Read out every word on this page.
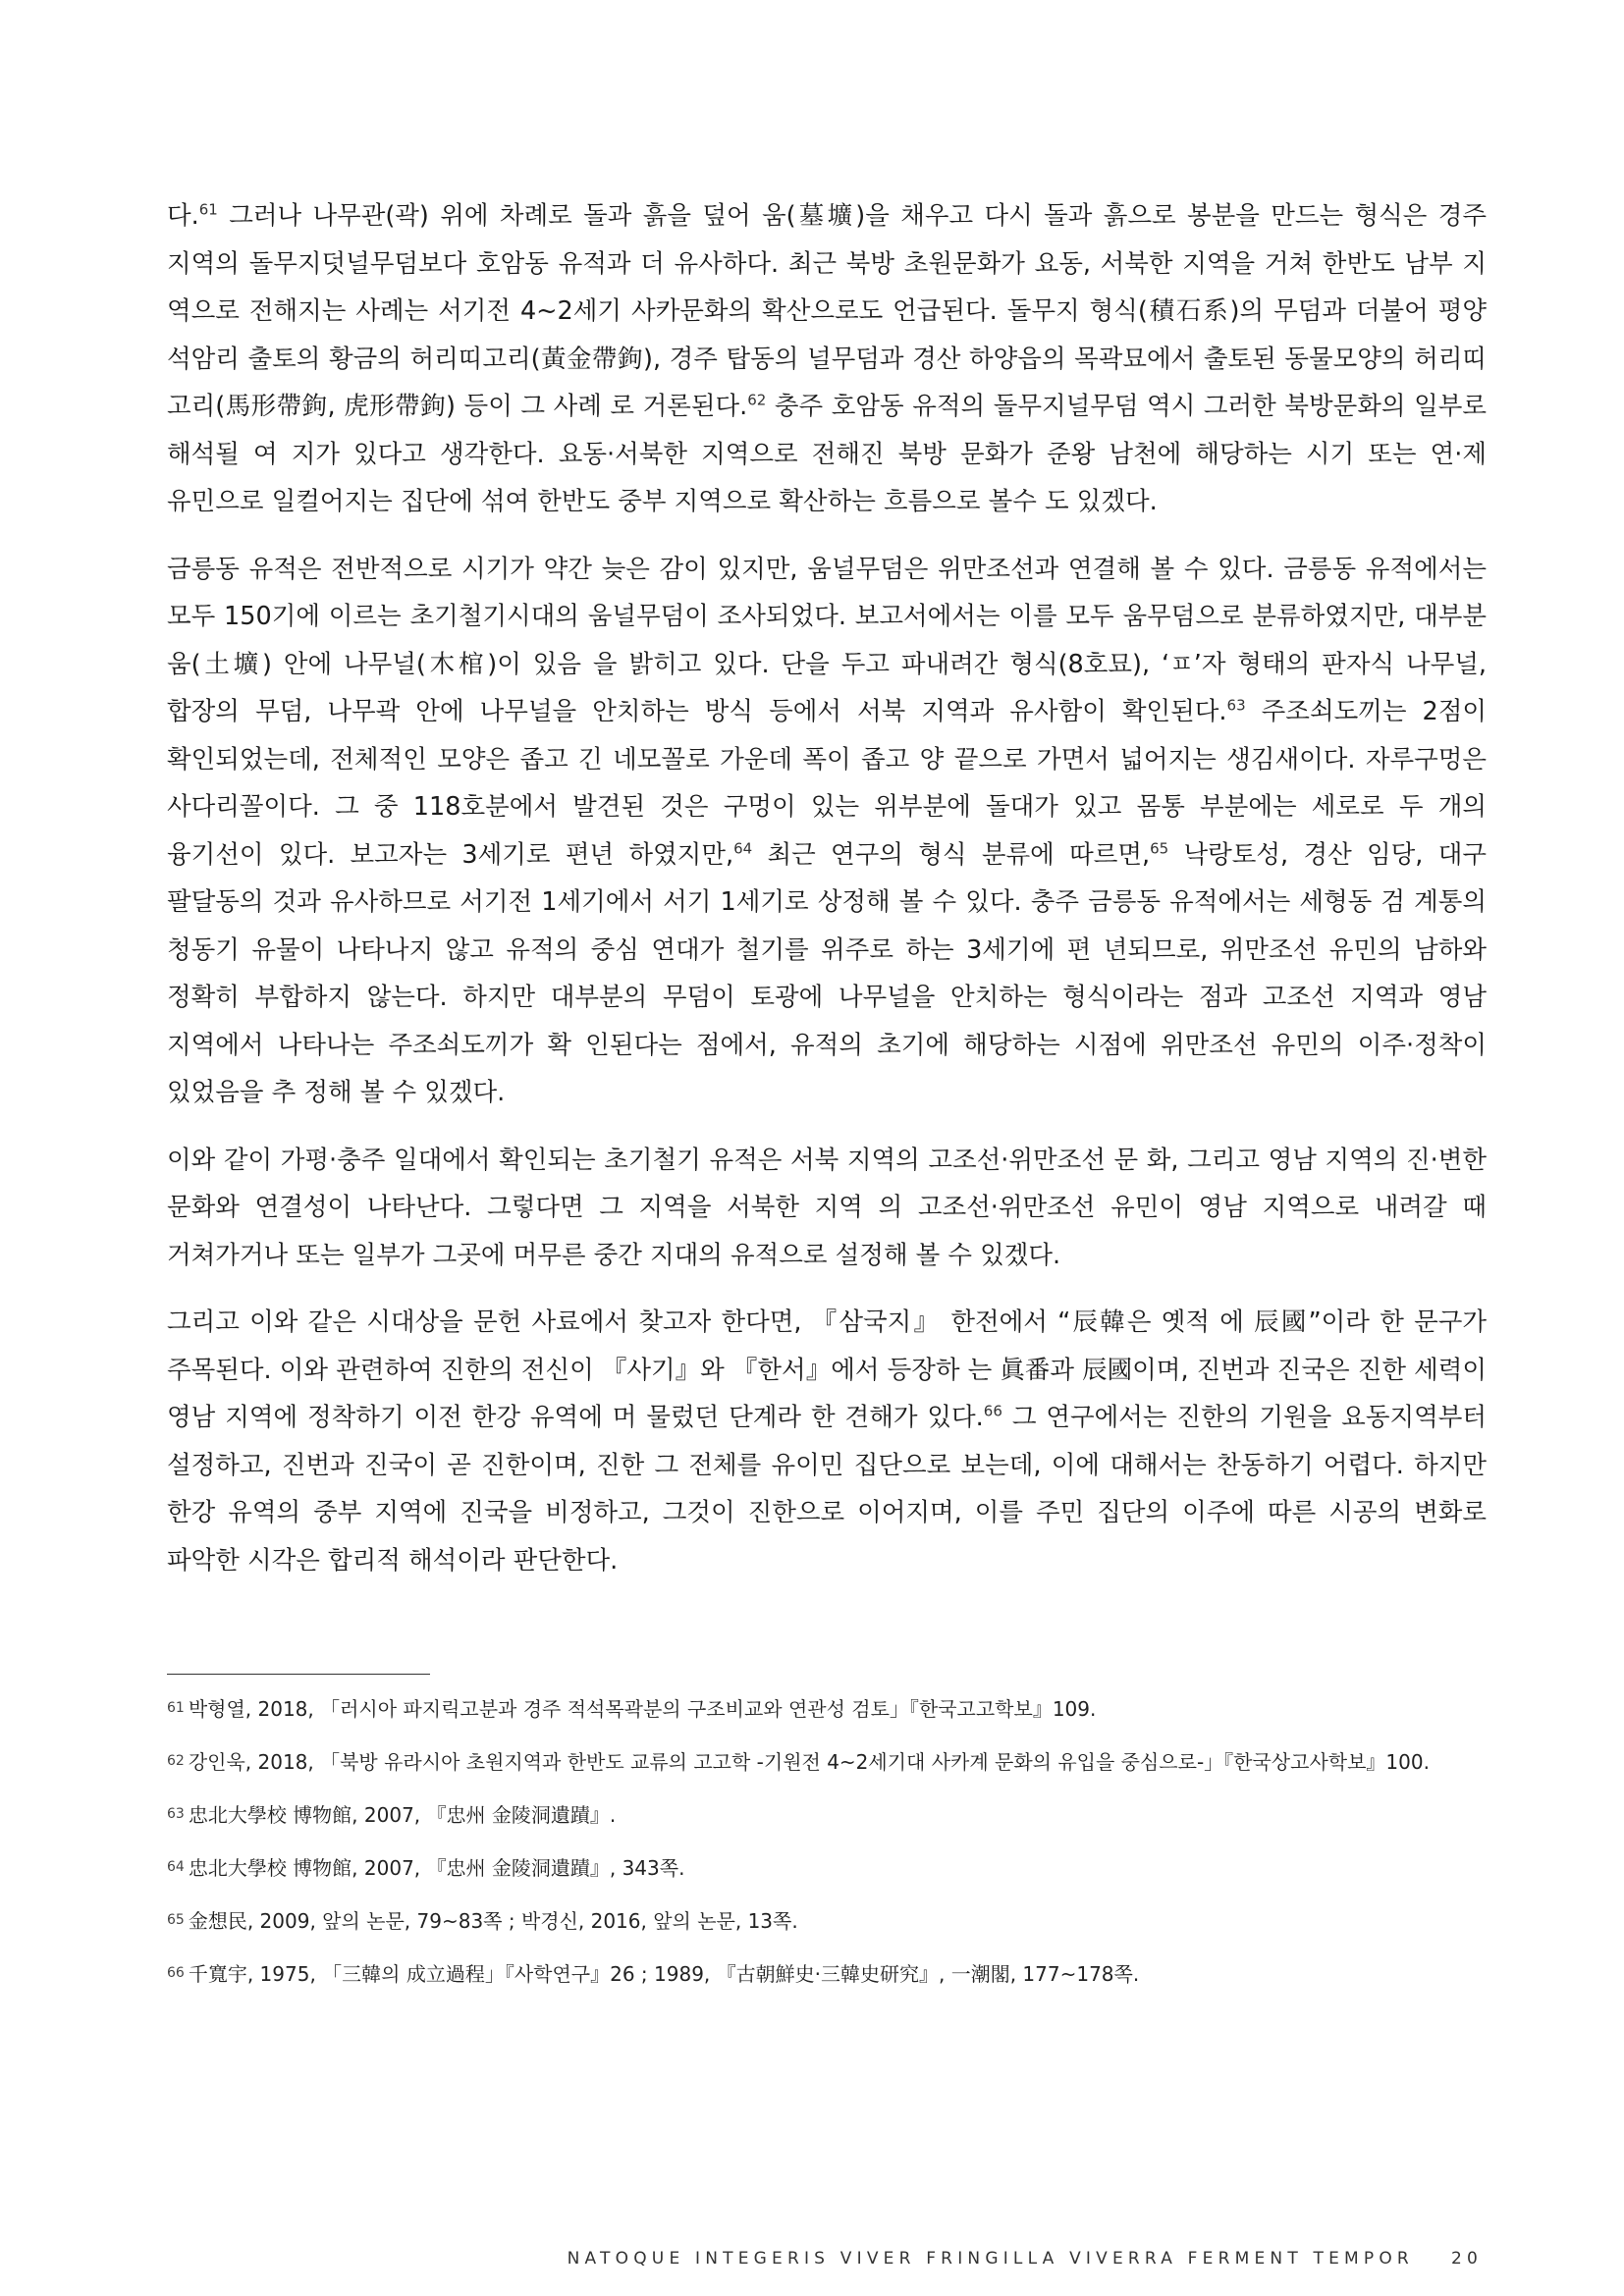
다.$^{61}$ 그러나 나무관(곽) 위에 차례로 돌과 흙을 덮어 움(墓壙)을 채우고 다시 돌과 흙으로 봉분을 만드는 형식은 경주 지역의 돌무지덧널무덤보다 호암동 유적과 더 유사하다. 최근 북방 초원문화가 요동, 서북한 지역을 거쳐 한반도 남부 지 역으로 전해지는 사례는 서기전 4~2세기 사카문화의 확산으로도 언급된다. 돌무지 형식(積石系)의 무덤과 더불어 평양 석암리 출토의 황금의 허리띠고리(黃金帶鉤), 경주 탑동의 널무덤과 경산 하양읍의 목곽묘에서 출토된 동물모양의 허리띠 고리(馬形帶鉤, 虎形帶鉤) 등이 그 사례 로 거론된다.$^{62}$ 충주 호암동 유적의 돌무지널무덤 역시 그러한 북방문화의 일부로 해석될 여 지가 있다고 생각한다. 요동·서북한 지역으로 전해진 북방 문화가 준왕 남천에 해당하는 시기 또는 연·제 유민으로 일컬어지는 집단에 섞여 한반도 중부 지역으로 확산하는 흐름으로 볼수 도 있겠다.

금릉동 유적은 전반적으로 시기가 약간 늦은 감이 있지만, 움널무덤은 위만조선과 연결해 볼 수 있다. 금릉동 유적에서는 모두 150기에 이르는 초기철기시대의 움널무덤이 조사되었다. 보고서에서는 이를 모두 움무덤으로 분류하였지만, 대부분 움(土壙) 안에 나무널(木棺)이 있음 을 밝히고 있다. 단을 두고 파내려간 형식(8호묘), ‘ㅍ’자 형태의 판자식 나무널, 합장의 무덤, 나무곽 안에 나무널을 안치하는 방식 등에서 서북 지역과 유사함이 확인된다.$^{63}$ 주조쇠도끼는 2점이 확인되었는데, 전체적인 모양은 좁고 긴 네모꼴로 가운데 폭이 좁고 양 끝으로 가면서 넓어지는 생김새이다. 자루구멍은 사다리꼴이다. 그 중 118호분에서 발견된 것은 구멍이 있는 위부분에 돌대가 있고 몸통 부분에는 세로로 두 개의 융기선이 있다. 보고자는 3세기로 편년 하였지만,$^{64}$ 최근 연구의 형식 분류에 따르면,$^{65}$ 낙랑토성, 경산 임당, 대구 팔달동의 것과 유사하므로 서기전 1세기에서 서기 1세기로 상정해 볼 수 있다. 충주 금릉동 유적에서는 세형동 검 계통의 청동기 유물이 나타나지 않고 유적의 중심 연대가 철기를 위주로 하는 3세기에 편 년되므로, 위만조선 유민의 남하와 정확히 부합하지 않는다. 하지만 대부분의 무덤이 토광에 나무널을 안치하는 형식이라는 점과 고조선 지역과 영남 지역에서 나타나는 주조쇠도끼가 확 인된다는 점에서, 유적의 초기에 해당하는 시점에 위만조선 유민의 이주·정착이 있었음을 추 정해 볼 수 있겠다.

이와 같이 가평·충주 일대에서 확인되는 초기철기 유적은 서북 지역의 고조선·위만조선 문 화, 그리고 영남 지역의 진·변한 문화와 연결성이 나타난다. 그렇다면 그 지역을 서북한 지역 의 고조선·위만조선 유민이 영남 지역으로 내려갈 때 거쳐가거나 또는 일부가 그곳에 머무른 중간 지대의 유적으로 설정해 볼 수 있겠다.

그리고 이와 같은 시대상을 문헌 사료에서 찾고자 한다면, 『삼국지』 한전에서 “辰韓은 옛적 에 辰國”이라 한 문구가 주목된다. 이와 관련하여 진한의 전신이 『사기』와 『한서』에서 등장하 는 眞番과 辰國이며, 진번과 진국은 진한 세력이 영남 지역에 정착하기 이전 한강 유역에 머 물렀던 단계라 한 견해가 있다.$^{66}$ 그 연구에서는 진한의 기원을 요동지역부터 설정하고, 진번과 진국이 곧 진한이며, 진한 그 전체를 유이민 집단으로 보는데, 이에 대해서는 찬동하기 어렵다. 하지만 한강 유역의 중부 지역에 진국을 비정하고, 그것이 진한으로 이어지며, 이를 주민 집단의 이주에 따른 시공의 변화로 파악한 시각은 합리적 해석이라 판단한다.

$^{61}$ 박형열, 2018, 「러시아 파지릭고분과 경주 적석목곽분의 구조비교와 연관성 검토」『한국고고학보』109.

$^{62}$ 강인욱, 2018, 「북방 유라시아 초원지역과 한반도 교류의 고고학 -기원전 4~2세기대 사카계 문화의 유입을 중심으로-」『한국상고사학보』100.

$^{63}$ 忠北大學校 博物館, 2007, 『忠州 金陵洞遺蹟』.

$^{64}$ 忠北大學校 博物館, 2007, 『忠州 金陵洞遺蹟』, 343쪽.

$^{65}$ 金想民, 2009, 앞의 논문, 79~83쪽 ; 박경신, 2016, 앞의 논문, 13쪽.

$^{66}$ 千寬宇, 1975, 「三韓의 成立過程」『사학연구』26 ; 1989, 『古朝鮮史·三韓史研究』, 一潮閣, 177~178쪽.

NATOQUE INTEGERIS VIVER FRINGILLA VIVERRA FERMENT TEMPOR 20
